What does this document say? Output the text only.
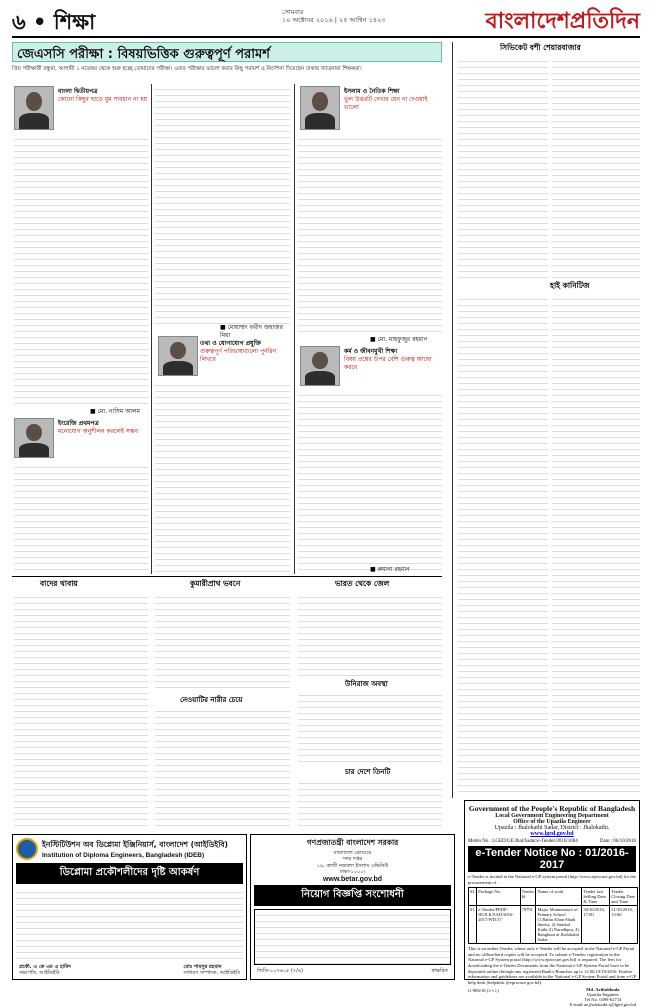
৬ • শিক্ষা	সোমবার
১০ অক্টোবর ২০১৬ | ২৫ আশ্বিন ১৪২৩	বাংলাদেশপ্রতিদিন
জেএসসি পরীক্ষা : বিষয়ভিত্তিক গুরুত্বপূর্ণ পরামর্শ
প্রিয় পরীক্ষার্থী বন্ধুরা, আগামী ১ নভেম্বর থেকে শুরু হচ্ছে তোমাদের পরীক্ষা। এবার পরীক্ষায় ভালো করার কিছু পরামর্শ ও নির্দেশনা দিয়েছেন ঢাকার খ্যাতনামা শিক্ষকরা।
বাংলা দ্বিতীয়পত্র
কোনো কিছুর ছাড়ে ধুম সাবধান না হয়
■ মো. নাসিম আলম
ইংরেজি প্রথমপত্র
মনোযোগ অনুশীলন করলেই সম্ভব
■ মোহাম্মদ ফরীদ জহাজর মিয়া
তথ্য ও যোগাযোগ প্রযুক্তি
গুরুত্বপূর্ণ পরিভাষাগুলো পুর্নরিন লিখবে
ইসলাম ও নৈতিক শিক্ষা
ভুল উত্তরটি দেখার যেন না দেওয়াই ভালো
■ মো. মাহফুজুর রহমান
কর্ম ও জীবনমুখী শিক্ষা
বিষয় প্রশ্নের উপর বেশি গুরুত্ব আছো করবে
■ রুমানা রহমান
বাদের থাবায়	কুমারীপ্রাথ ভবনে	ভারত থেকে জেল
নেওয়াটির নারীর চেয়ে
উনিরাজ অবস্থা
চার দেশে তিনটি
সিভিকেট বশী শেয়ারবাজার
হাই কানিটিজ
ইনস্টিটিউশন অব ডিপ্লোমা ইঞ্জিনিয়ার্স, বাংলাদেশ (আইডিইবি)
Institution of Diploma Engineers, Bangladesh (IDEB)
ডিপ্লোমা প্রকৌশলীদের দৃষ্টি আকর্ষণ
প্রকৌ. এ কে এম এ হামিদ
সভাপতি, আইডিইবি
মোঃ শামসুর রহমান
সাধারণ সম্পাদক, আইডিইবি
গণপ্রজাতন্ত্রী বাংলাদেশ সরকার
বাংলাদেশ রেলওয়ে
সদর দপ্তর
১৯, কাজী নজরুল ইসলাম এভিনিউ
ঢাকা-১০০০।
www.betar.gov.bd
নিয়োগ বিজ্ঞপ্তি সংশোধনী
জিডি-১০৭৬১৫ (৭/৬)	স্বাক্ষরিত
Government of the People's Republic of Bangladesh
Local Government Engineering Department
Office of the Upazila Engineer
Upazila : Jhalokathi Sadar, District : Jhalokathi.
www.lged.gov.bd
Memo No : LGED/UE/Jhal/Sadar/e-Tender/2016/1004	Date : 06/10/2016
e-Tender Notice No : 01/2016-2017
e-Tender is invited in the National e-GP system portal (http://www.eprocure.gov.bd) for the procurement of :
SL	Package No.	Tender Id	Name of work	Tender last Selling Date & Time	Tender Closing Date and Time
01	e-Tender/PEDP-III/JLK/SAD/2016-2017/WD.57	79791	Major Maintenance of Primary School (1.Bahin Khan Shadi Smrity, 2) Samkal Kathi-3) Naradhpur, 4) Bangkura at Jhalokathi Sadar.	30/10/2016, 17:00	31/10/2016, 13:00
This is an online Tender, where only e-Tender will be accepted in the National e-GP Portal and no offline/hard copies will be accepted. To submit e-Tender, registration in the National e-GP System portal (http://www.eprocure.gov.bd) is required. The fees for downloading the e-Tender Documents from the National e-GP System Portal have to be deposited online through any registered Bank's Branches up to 12.00.10/10/2016. Further information and guidelines are available in the National e-GP System Portal and from e-GP help desk (helpdesk @eprocure.gov.bd).
G-986/16 (৫৭২)	Md. Arifuddoula
Upazila Engineer
Tel No. 0498-62714
E-mail:ue.jhalokathi.s@lged.gov.bd
